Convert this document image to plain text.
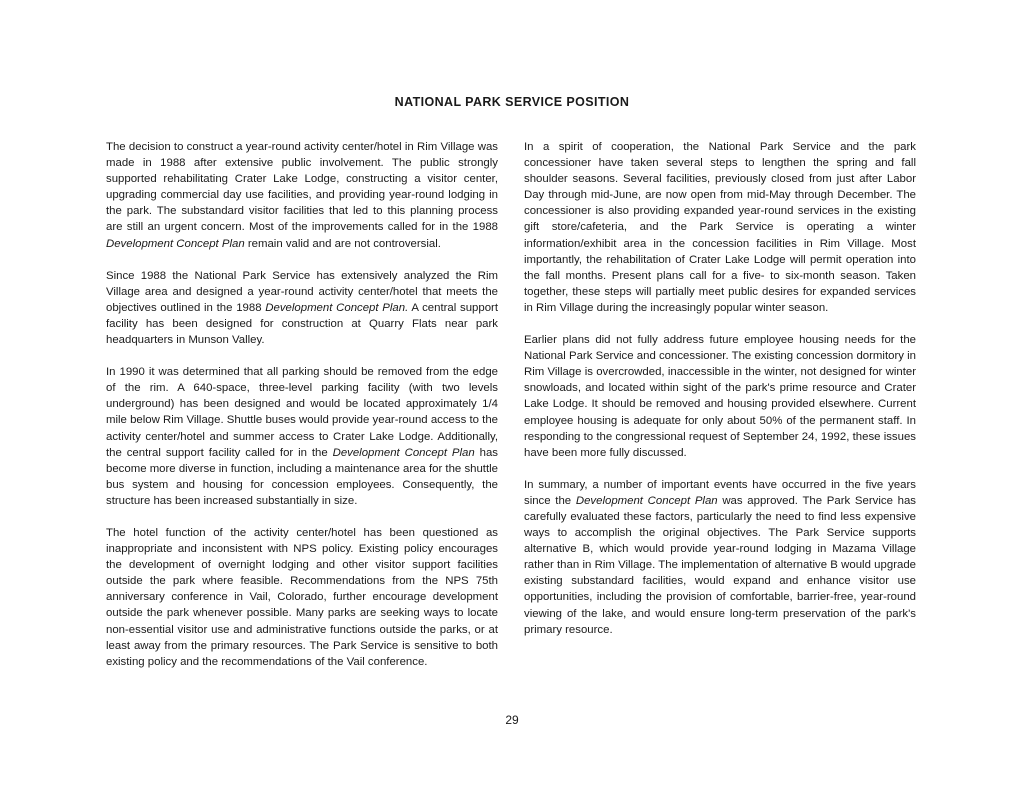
NATIONAL PARK SERVICE POSITION

The decision to construct a year-round activity center/hotel in Rim Village was made in 1988 after extensive public involvement. The public strongly supported rehabilitating Crater Lake Lodge, constructing a visitor center, upgrading commercial day use facilities, and providing year-round lodging in the park. The substandard visitor facilities that led to this planning process are still an urgent concern. Most of the improvements called for in the 1988 Development Concept Plan remain valid and are not controversial.

Since 1988 the National Park Service has extensively analyzed the Rim Village area and designed a year-round activity center/hotel that meets the objectives outlined in the 1988 Development Concept Plan. A central support facility has been designed for construction at Quarry Flats near park headquarters in Munson Valley.

In 1990 it was determined that all parking should be removed from the edge of the rim. A 640-space, three-level parking facility (with two levels underground) has been designed and would be located approximately 1/4 mile below Rim Village. Shuttle buses would provide year-round access to the activity center/hotel and summer access to Crater Lake Lodge. Additionally, the central support facility called for in the Development Concept Plan has become more diverse in function, including a maintenance area for the shuttle bus system and housing for concession employees. Consequently, the structure has been increased substantially in size.

The hotel function of the activity center/hotel has been questioned as inappropriate and inconsistent with NPS policy. Existing policy encourages the development of overnight lodging and other visitor support facilities outside the park where feasible. Recommendations from the NPS 75th anniversary conference in Vail, Colorado, further encourage development outside the park whenever possible. Many parks are seeking ways to locate non-essential visitor use and administrative functions outside the parks, or at least away from the primary resources. The Park Service is sensitive to both existing policy and the recommendations of the Vail conference.

In a spirit of cooperation, the National Park Service and the park concessioner have taken several steps to lengthen the spring and fall shoulder seasons. Several facilities, previously closed from just after Labor Day through mid-June, are now open from mid-May through December. The concessioner is also providing expanded year-round services in the existing gift store/cafeteria, and the Park Service is operating a winter information/exhibit area in the concession facilities in Rim Village. Most importantly, the rehabilitation of Crater Lake Lodge will permit operation into the fall months. Present plans call for a five- to six-month season. Taken together, these steps will partially meet public desires for expanded services in Rim Village during the increasingly popular winter season.

Earlier plans did not fully address future employee housing needs for the National Park Service and concessioner. The existing concession dormitory in Rim Village is overcrowded, inaccessible in the winter, not designed for winter snowloads, and located within sight of the park's prime resource and Crater Lake Lodge. It should be removed and housing provided elsewhere. Current employee housing is adequate for only about 50% of the permanent staff. In responding to the congressional request of September 24, 1992, these issues have been more fully discussed.

In summary, a number of important events have occurred in the five years since the Development Concept Plan was approved. The Park Service has carefully evaluated these factors, particularly the need to find less expensive ways to accomplish the original objectives. The Park Service supports alternative B, which would provide year-round lodging in Mazama Village rather than in Rim Village. The implementation of alternative B would upgrade existing substandard facilities, would expand and enhance visitor use opportunities, including the provision of comfortable, barrier-free, year-round viewing of the lake, and would ensure long-term preservation of the park's primary resource.

29
